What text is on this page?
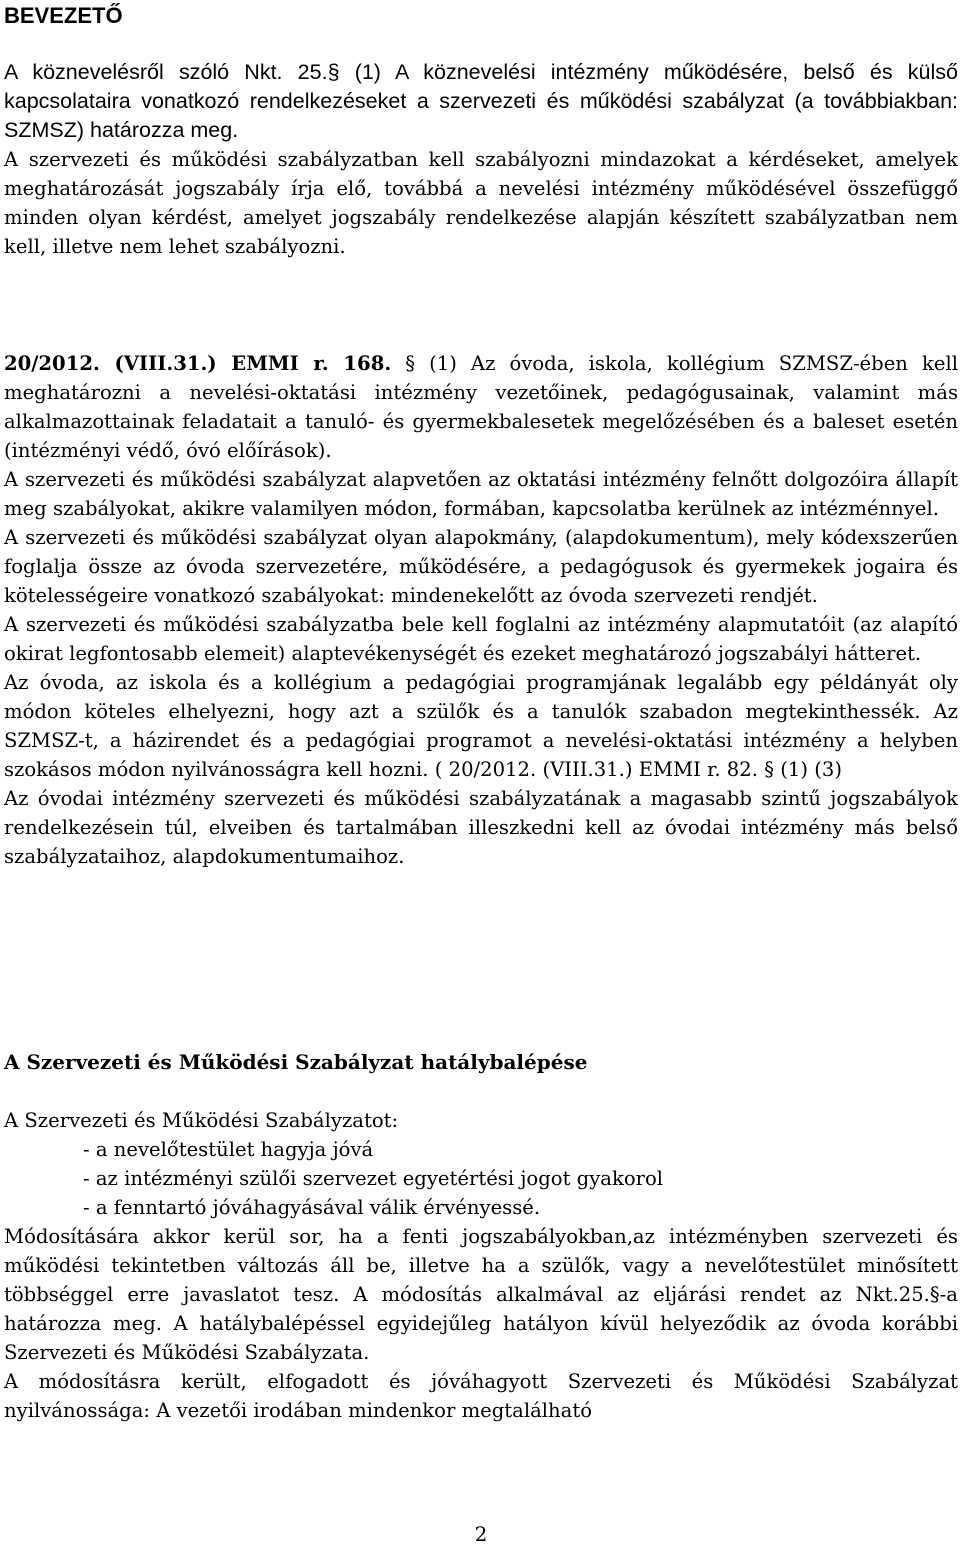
BEVEZETŐ

A köznevelésről szóló Nkt. 25.§ (1) A köznevelési intézmény működésére, belső és külső kapcsolataira vonatkozó rendelkezéseket a szervezeti és működési szabályzat (a továbbiakban: SZMSZ) határozza meg.

A szervezeti és működési szabályzatban kell szabályozni mindazokat a kérdéseket, amelyek meghatározását jogszabály írja elő, továbbá a nevelési intézmény működésével összefüggő minden olyan kérdést, amelyet jogszabály rendelkezése alapján készített szabályzatban nem kell, illetve nem lehet szabályozni.

20/2012. (VIII.31.) EMMI r. 168. § (1) Az óvoda, iskola, kollégium SZMSZ-ében kell meghatározni a nevelési-oktatási intézmény vezetőinek, pedagógusainak, valamint más alkalmazottainak feladatait a tanuló- és gyermekbalesetek megelőzésében és a baleset esetén (intézményi védő, óvó előírások).

A szervezeti és működési szabályzat alapvetően az oktatási intézmény felnőtt dolgozóira állapít meg szabályokat, akikre valamilyen módon, formában, kapcsolatba kerülnek az intézménnyel.

A szervezeti és működési szabályzat olyan alapokmány, (alapdokumentum), mely kódexszerűen foglalja össze az óvoda szervezetére, működésére, a pedagógusok és gyermekek jogaira és kötelességeire vonatkozó szabályokat: mindenekelőtt az óvoda szervezeti rendjét.

A szervezeti és működési szabályzatba bele kell foglalni az intézmény alapmutatóit (az alapító okirat legfontosabb elemeit) alaptevékenységét és ezeket meghatározó jogszabályi hátteret.

Az óvoda, az iskola és a kollégium a pedagógiai programjának legalább egy példányát oly módon köteles elhelyezni, hogy azt a szülők és a tanulók szabadon megtekinthessék. Az SZMSZ-t, a házirendet és a pedagógiai programot a nevelési-oktatási intézmény a helyben szokásos módon nyilvánosságra kell hozni. ( 20/2012. (VIII.31.) EMMI r. 82. § (1) (3)

Az óvodai intézmény szervezeti és működési szabályzatának a magasabb szintű jogszabályok rendelkezésein túl, elveiben és tartalmában illeszkedni kell az óvodai intézmény más belső szabályzataihoz, alapdokumentumaihoz.

A Szervezeti és Működési Szabályzat hatálybalépése

A Szervezeti és Működési Szabályzatot:

- a nevelőtestület hagyja jóvá
- az intézményi szülői szervezet egyetértési jogot gyakorol
- a fenntartó jóváhagyásával válik érvényessé.

Módosítására akkor kerül sor, ha a fenti jogszabályokban,az intézményben szervezeti és működési tekintetben változás áll be, illetve ha a szülők, vagy a nevelőtestület minősített többséggel erre javaslatot tesz. A módosítás alkalmával az eljárási rendet az Nkt.25.§-a határozza meg. A hatálybalépéssel egyidejűleg hatályon kívül helyeződik az óvoda korábbi Szervezeti és Működési Szabályzata.

A módosításra került, elfogadott és jóváhagyott Szervezeti és Működési Szabályzat nyilvánossága: A vezetői irodában mindenkor megtalálható

2
